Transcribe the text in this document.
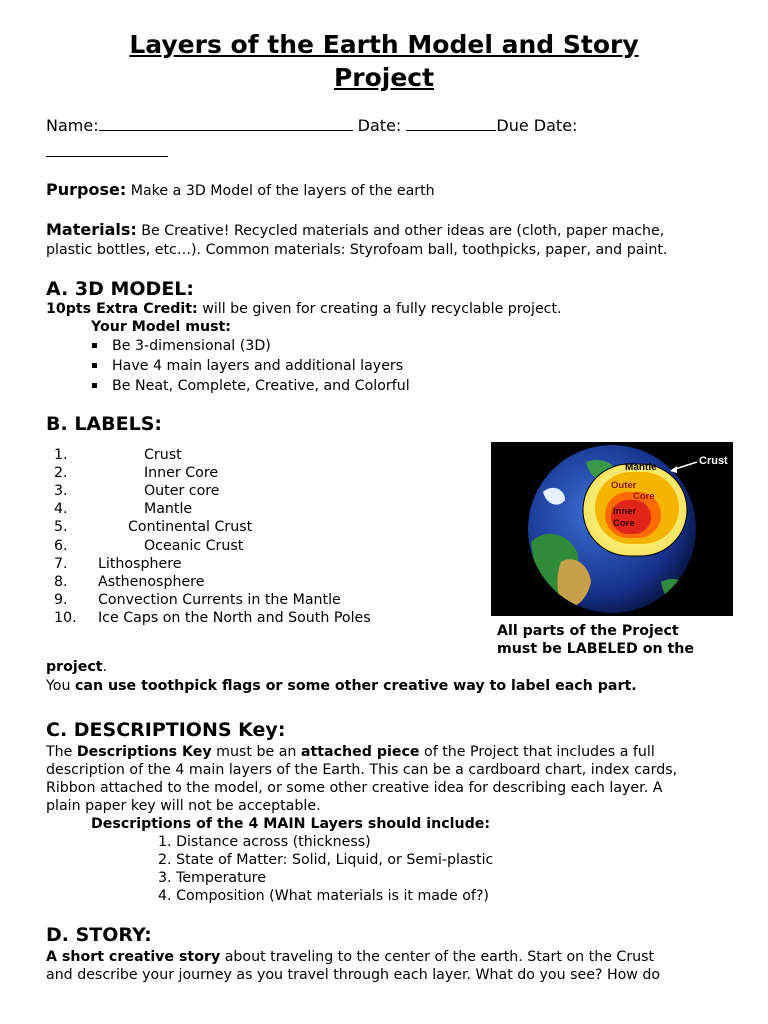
Layers of the Earth Model and Story
Project
Name:	Date:	Due Date:
Purpose: Make a 3D Model of the layers of the earth
Materials: Be Creative! Recycled materials and other ideas are (cloth, paper mache,
plastic bottles, etc…). Common materials: Styrofoam ball, toothpicks, paper, and paint.
A. 3D MODEL:
10pts Extra Credit: will be given for creating a fully recyclable project.
Your Model must:
Be 3-dimensional (3D)
Have 4 main layers and additional layers
Be Neat, Complete, Creative, and Colorful
B. LABELS:
1.	Crust
2.	Inner Core
3.	Outer core
4.	Mantle
5.	Continental Crust
6.	Oceanic Crust
7. Lithosphere
8. Asthenosphere
9. Convection Currents in the Mantle
10. Ice Caps on the North and South Poles
Crust
Mantle
Outer
Core
Inner
Core
All parts of the Project
must be LABELED on the
project.
You can use toothpick flags or some other creative way to label each part.
C. DESCRIPTIONS Key:
The Descriptions Key must be an attached piece of the Project that includes a full
description of the 4 main layers of the Earth. This can be a cardboard chart, index cards,
Ribbon attached to the model, or some other creative idea for describing each layer. A
plain paper key will not be acceptable.
Descriptions of the 4 MAIN Layers should include:
1. Distance across (thickness)
2. State of Matter: Solid, Liquid, or Semi-plastic
3. Temperature
4. Composition (What materials is it made of?)
D. STORY:
A short creative story about traveling to the center of the earth. Start on the Crust
and describe your journey as you travel through each layer. What do you see? How do
